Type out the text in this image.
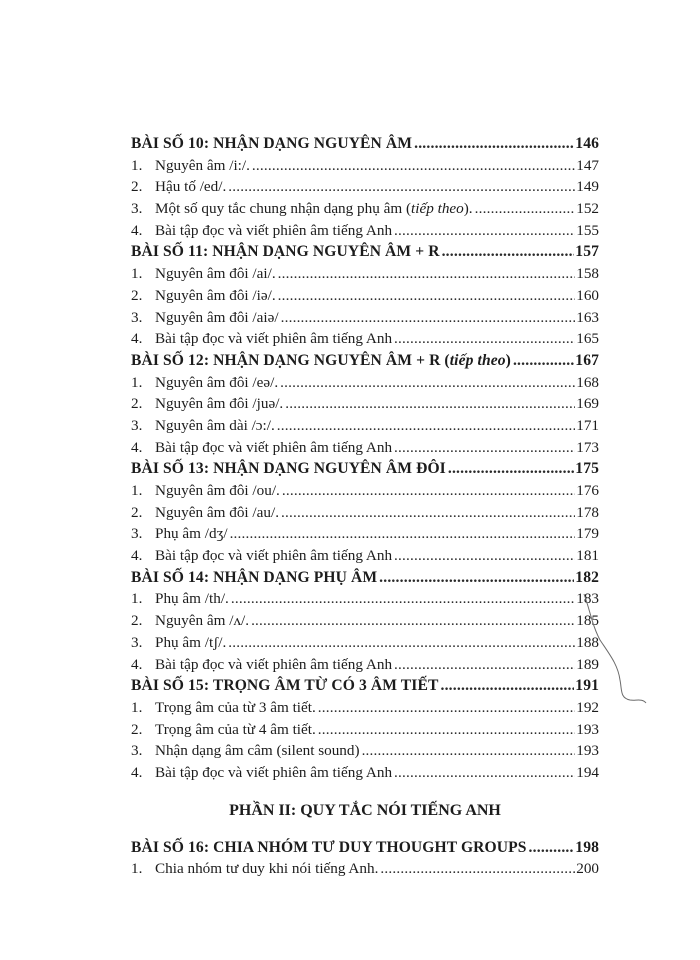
BÀI SỐ 10: NHẬN DẠNG NGUYÊN ÂM .....	146
1. Nguyên âm /i:/. .....	147
2. Hậu tố /ed/. .....	149
3. Một số quy tắc chung nhận dạng phụ âm (tiếp theo). .....	152
4. Bài tập đọc và viết phiên âm tiếng Anh .....	155
BÀI SỐ 11: NHẬN DẠNG NGUYÊN ÂM + R .....	157
1. Nguyên âm đôi /ai/. .....	158
2. Nguyên âm đôi /iə/. .....	160
3. Nguyên âm đôi /aiə/ .....	163
4. Bài tập đọc và viết phiên âm tiếng Anh .....	165
BÀI SỐ 12: NHẬN DẠNG NGUYÊN ÂM + R (tiếp theo) .....	167
1. Nguyên âm đôi /eə/. .....	168
2. Nguyên âm đôi /juə/. .....	169
3. Nguyên âm dài /ɔ:/. .....	171
4. Bài tập đọc và viết phiên âm tiếng Anh .....	173
BÀI SỐ 13: NHẬN DẠNG NGUYÊN ÂM ĐÔI .....	175
1. Nguyên âm đôi /ou/. .....	176
2. Nguyên âm đôi /au/. .....	178
3. Phụ âm /dʒ/ .....	179
4. Bài tập đọc và viết phiên âm tiếng Anh .....	181
BÀI SỐ 14: NHẬN DẠNG PHỤ ÂM .....	182
1. Phụ âm /th/. .....	183
2. Nguyên âm /ʌ/. .....	185
3. Phụ âm /tʃ/. .....	188
4. Bài tập đọc và viết phiên âm tiếng Anh .....	189
BÀI SỐ 15: TRỌNG ÂM TỪ CÓ 3 ÂM TIẾT .....	191
1. Trọng âm của từ 3 âm tiết. .....	192
2. Trọng âm của từ 4 âm tiết. .....	193
3. Nhận dạng âm câm (silent sound) .....	193
4. Bài tập đọc và viết phiên âm tiếng Anh .....	194
PHẦN II: QUY TẮC NÓI TIẾNG ANH
BÀI SỐ 16: CHIA NHÓM TƯ DUY THOUGHT GROUPS .....	198
1. Chia nhóm tư duy khi nói tiếng Anh. .....	200
